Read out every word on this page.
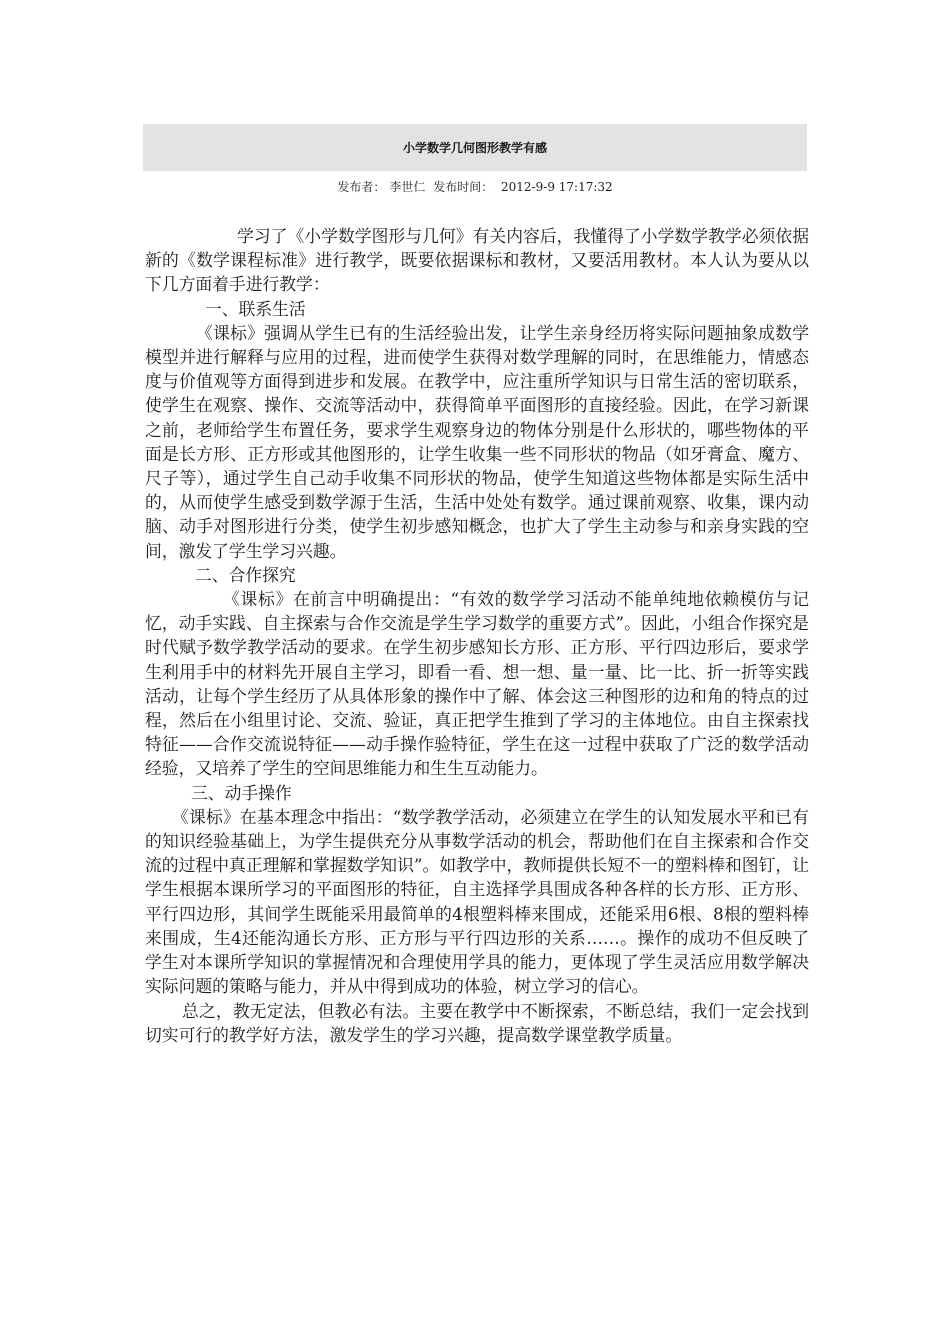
小学数学几何图形教学有感
发布者： 李世仁 发布时间： 2012-9-9 17:17:32

学习了《小学数学图形与几何》有关内容后，我懂得了小学数学教学必须依据新的《数学课程标准》进行教学，既要依据课标和教材，又要活用教材。本人认为要从以下几方面着手进行教学：

一、联系生活

《课标》强调从学生已有的生活经验出发，让学生亲身经历将实际问题抽象成数学模型并进行解释与应用的过程，进而使学生获得对数学理解的同时，在思维能力，情感态度与价值观等方面得到进步和发展。在教学中，应注重所学知识与日常生活的密切联系，使学生在观察、操作、交流等活动中，获得简单平面图形的直接经验。因此，在学习新课之前，老师给学生布置任务，要求学生观察身边的物体分别是什么形状的，哪些物体的平面是长方形、正方形或其他图形的，让学生收集一些不同形状的物品（如牙膏盒、魔方、尺子等），通过学生自己动手收集不同形状的物品，使学生知道这些物体都是实际生活中的，从而使学生感受到数学源于生活，生活中处处有数学。通过课前观察、收集，课内动脑、动手对图形进行分类，使学生初步感知概念，也扩大了学生主动参与和亲身实践的空间，激发了学生学习兴趣。

二、合作探究

《课标》在前言中明确提出：“有效的数学学习活动不能单纯地依赖模仿与记忆，动手实践、自主探索与合作交流是学生学习数学的重要方式”。因此，小组合作探究是时代赋予数学教学活动的要求。在学生初步感知长方形、正方形、平行四边形后，要求学生利用手中的材料先开展自主学习，即看一看、想一想、量一量、比一比、折一折等实践活动，让每个学生经历了从具体形象的操作中了解、体会这三种图形的边和角的特点的过程，然后在小组里讨论、交流、验证，真正把学生推到了学习的主体地位。由自主探索找特征——合作交流说特征——动手操作验特征，学生在这一过程中获取了广泛的数学活动经验，又培养了学生的空间思维能力和生生互动能力。

三、动手操作

《课标》在基本理念中指出：“数学教学活动，必须建立在学生的认知发展水平和已有的知识经验基础上，为学生提供充分从事数学活动的机会，帮助他们在自主探索和合作交流的过程中真正理解和掌握数学知识”。如教学中，教师提供长短不一的塑料棒和图钉，让学生根据本课所学习的平面图形的特征，自主选择学具围成各种各样的长方形、正方形、平行四边形，其间学生既能采用最简单的4根塑料棒来围成，还能采用6根、8根的塑料棒来围成，生4还能沟通长方形、正方形与平行四边形的关系……。操作的成功不但反映了学生对本课所学知识的掌握情况和合理使用学具的能力，更体现了学生灵活应用数学解决实际问题的策略与能力，并从中得到成功的体验，树立学习的信心。

总之，教无定法，但教必有法。主要在教学中不断探索，不断总结，我们一定会找到切实可行的教学好方法，激发学生的学习兴趣，提高数学课堂教学质量。
